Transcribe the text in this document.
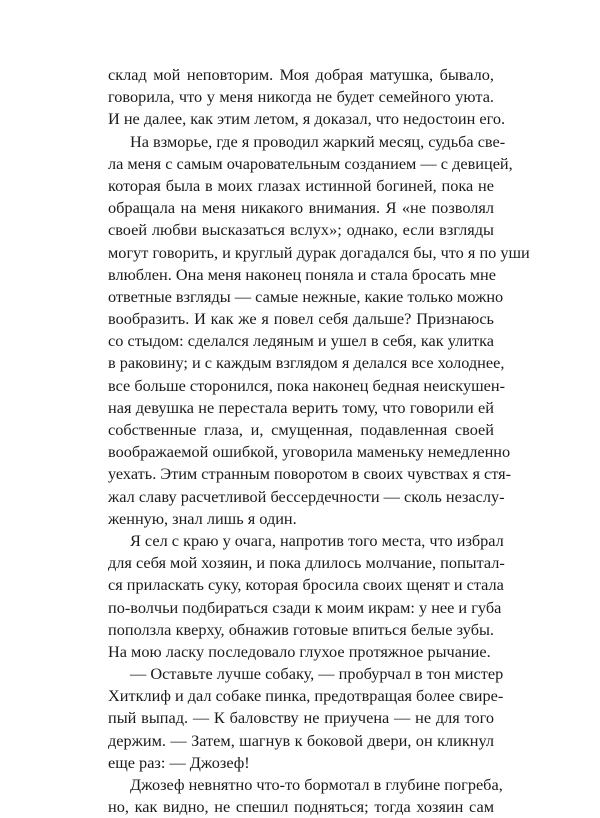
склад мой неповторим. Моя добрая матушка, бывало,
говорила, что у меня никогда не будет семейного уюта.
И не далее, как этим летом, я доказал, что недостоин его.
На взморье, где я проводил жаркий месяц, судьба све-
ла меня с самым очаровательным созданием — с девицей,
которая была в моих глазах истинной богиней, пока не
обращала на меня никакого внимания. Я «не позволял
своей любви высказаться вслух»; однако, если взгляды
могут говорить, и круглый дурак догадался бы, что я по уши
влюблен. Она меня наконец поняла и стала бросать мне
ответные взгляды — самые нежные, какие только можно
вообразить. И как же я повел себя дальше? Признаюсь
со стыдом: сделался ледяным и ушел в себя, как улитка
в раковину; и с каждым взглядом я делался все холоднее,
все больше сторонился, пока наконец бедная неискушен-
ная девушка не перестала верить тому, что говорили ей
собственные глаза, и, смущенная, подавленная своей
воображаемой ошибкой, уговорила маменьку немедленно
уехать. Этим странным поворотом в своих чувствах я стя-
жал славу расчетливой бессердечности — сколь незаслу-
женную, знал лишь я один.
Я сел с краю у очага, напротив того места, что избрал
для себя мой хозяин, и пока длилось молчание, попытал-
ся приласкать суку, которая бросила своих щенят и стала
по-волчьи подбираться сзади к моим икрам: у нее и губа
поползла кверху, обнажив готовые впиться белые зубы.
На мою ласку последовало глухое протяжное рычание.
— Оставьте лучше собаку, — пробурчал в тон мистер
Хитклиф и дал собаке пинка, предотвращая более свире-
пый выпад. — К баловству не приучена — не для того
держим. — Затем, шагнув к боковой двери, он кликнул
еще раз: — Джозеф!
Джозеф невнятно что-то бормотал в глубине погреба,
но, как видно, не спешил подняться; тогда хозяин сам
